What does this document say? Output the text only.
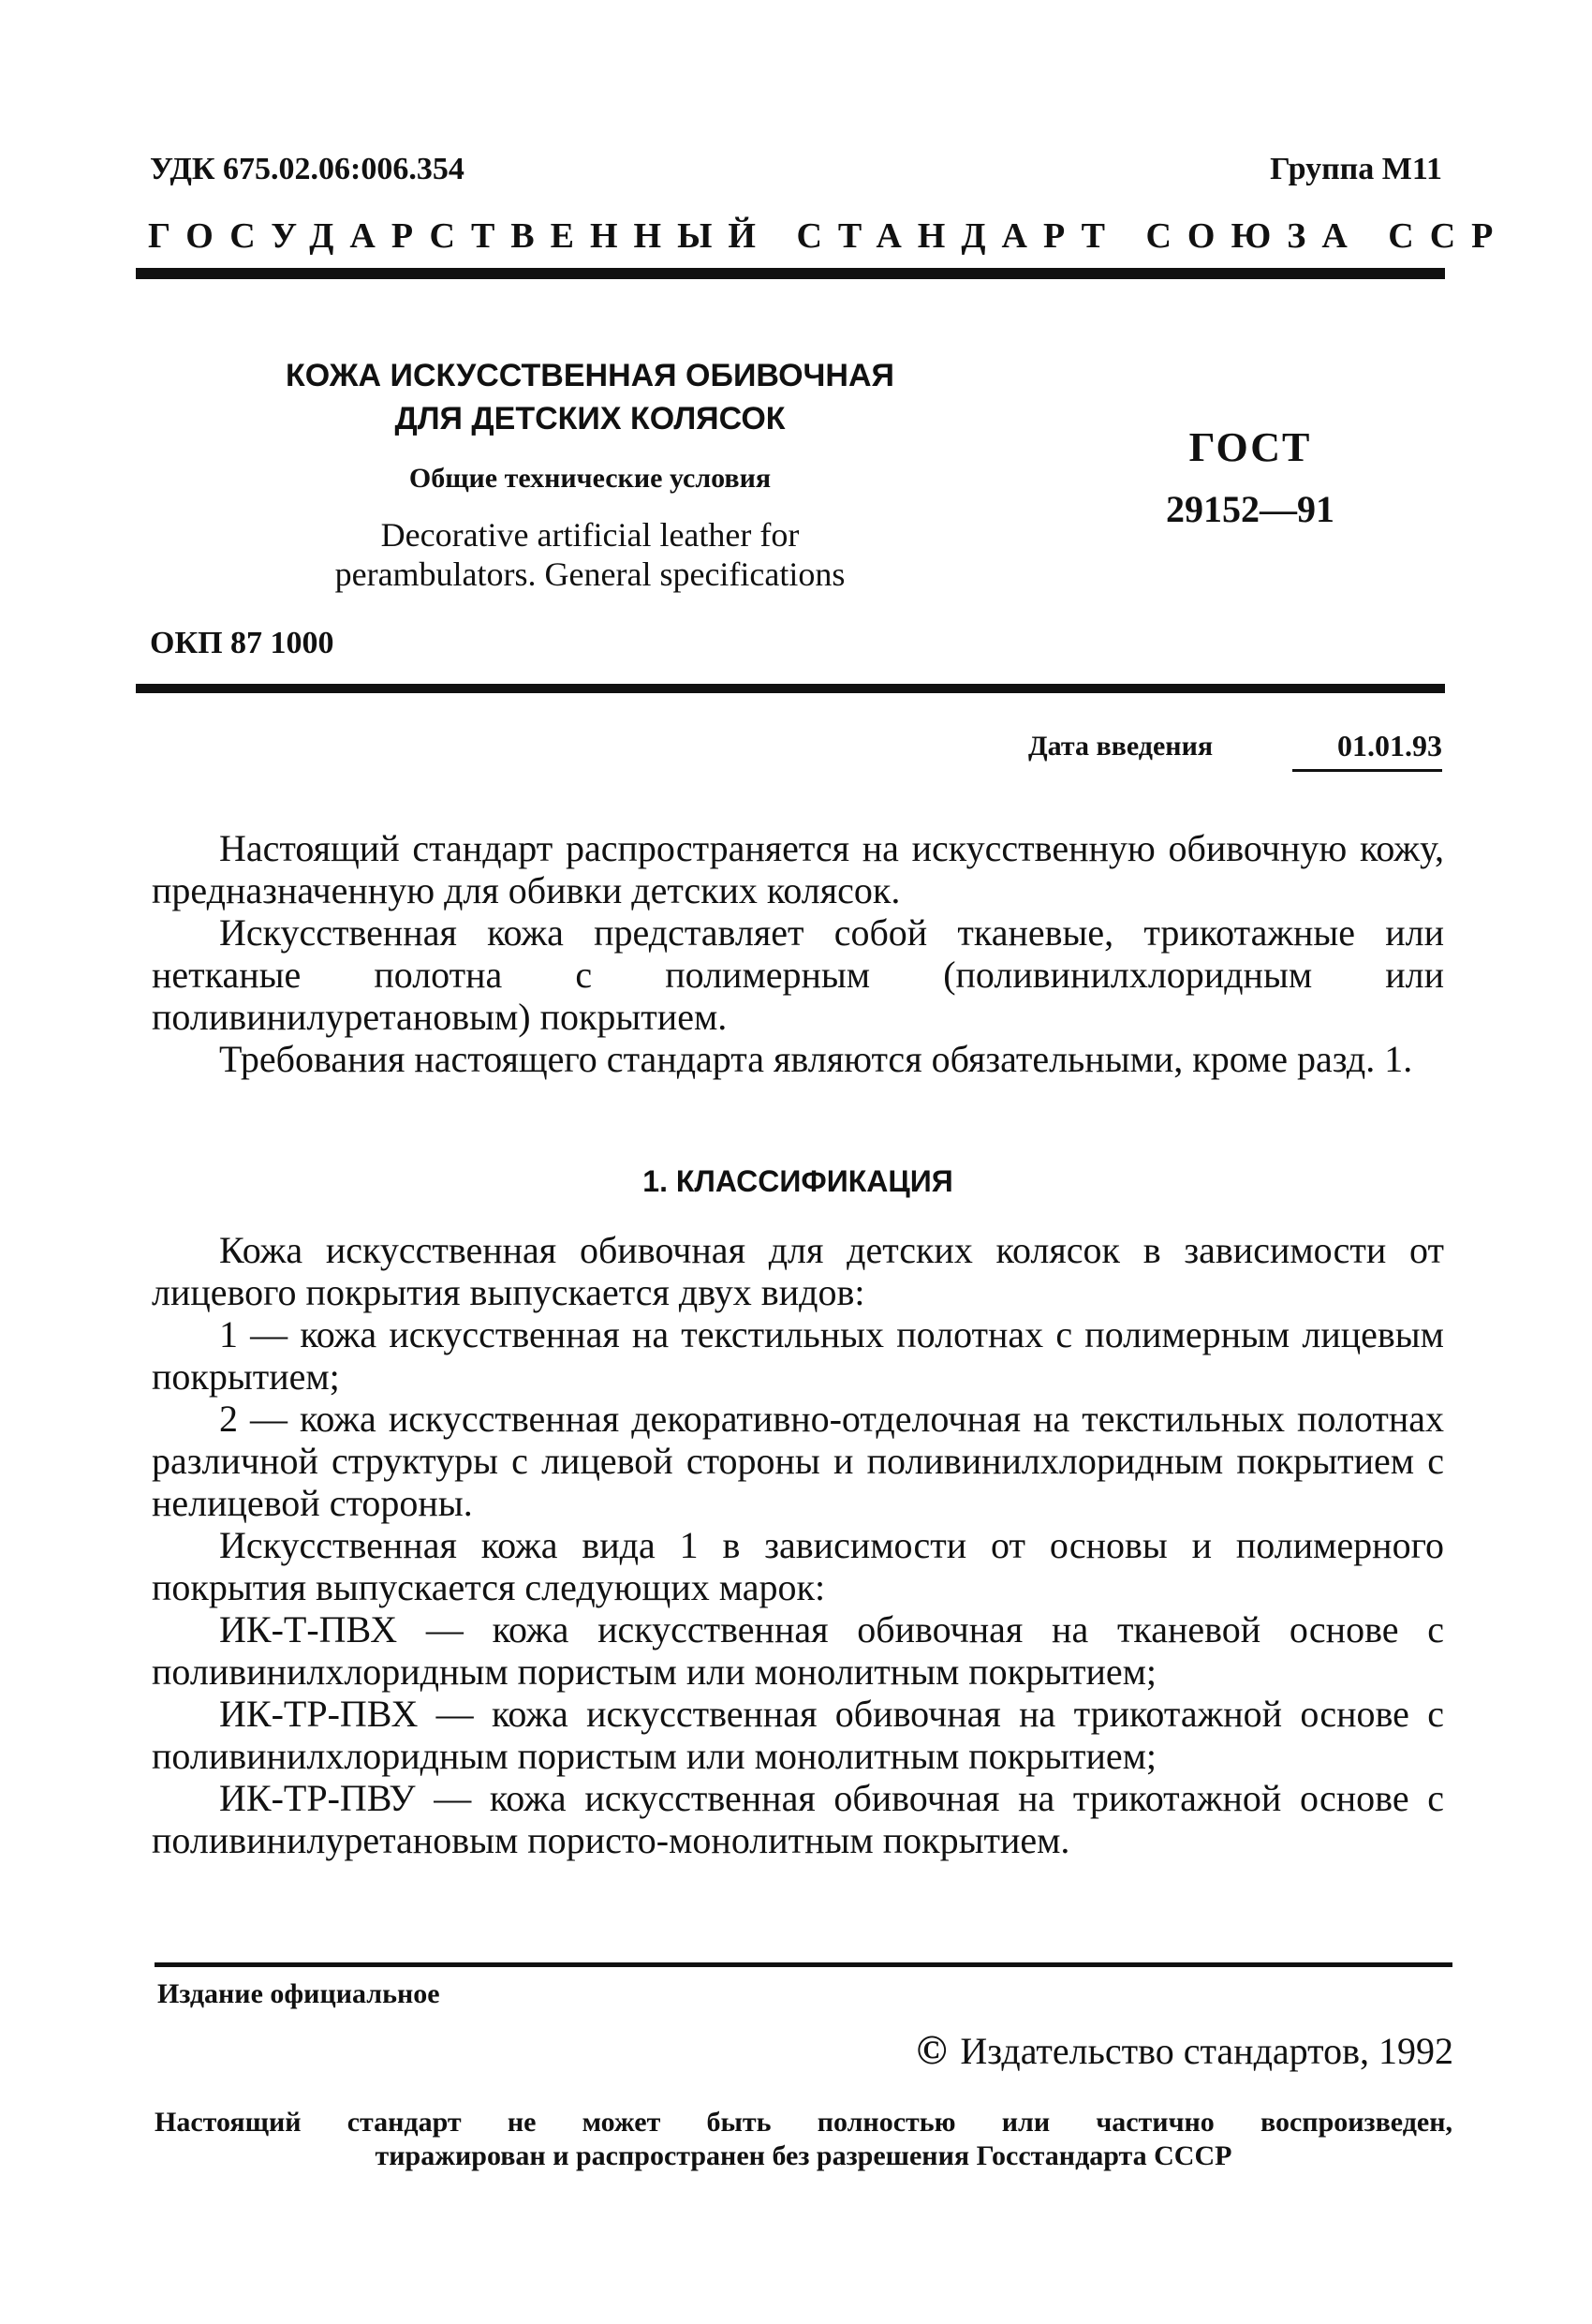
УДК 675.02.06:006.354	Группа М11
ГОСУДАРСТВЕННЫЙ СТАНДАРТ СОЮЗА ССР
КОЖА ИСКУССТВЕННАЯ ОБИВОЧНАЯ
ДЛЯ ДЕТСКИХ КОЛЯСОК
Общие технические условия
Decorative artificial leather for
perambulators. General specifications
ГОСТ
29152—91
ОКП 87 1000
Дата введения	01.01.93

Настоящий стандарт распространяется на искусственную обивочную кожу, предназначенную для обивки детских колясок.

Искусственная кожа представляет собой тканевые, трикотажные или нетканые полотна с полимерным (поливинилхлоридным или поливинилуретановым) покрытием.

Требования настоящего стандарта являются обязательными, кроме разд. 1.

1. КЛАССИФИКАЦИЯ

Кожа искусственная обивочная для детских колясок в зависимости от лицевого покрытия выпускается двух видов:

1 — кожа искусственная на текстильных полотнах с полимерным лицевым покрытием;

2 — кожа искусственная декоративно-отделочная на текстильных полотнах различной структуры с лицевой стороны и поливинилхлоридным покрытием с нелицевой стороны.

Искусственная кожа вида 1 в зависимости от основы и полимерного покрытия выпускается следующих марок:

ИК-Т-ПВХ — кожа искусственная обивочная на тканевой основе с поливинилхлоридным пористым или монолитным покрытием;

ИК-ТР-ПВХ — кожа искусственная обивочная на трикотажной основе с поливинилхлоридным пористым или монолитным покрытием;

ИК-ТР-ПВУ — кожа искусственная обивочная на трикотажной основе с поливинилуретановым пористо-монолитным покрытием.

Издание официальное
© Издательство стандартов, 1992
Настоящий стандарт не может быть полностью или частично воспроизведен,
тиражирован и распространен без разрешения Госстандарта СССР
